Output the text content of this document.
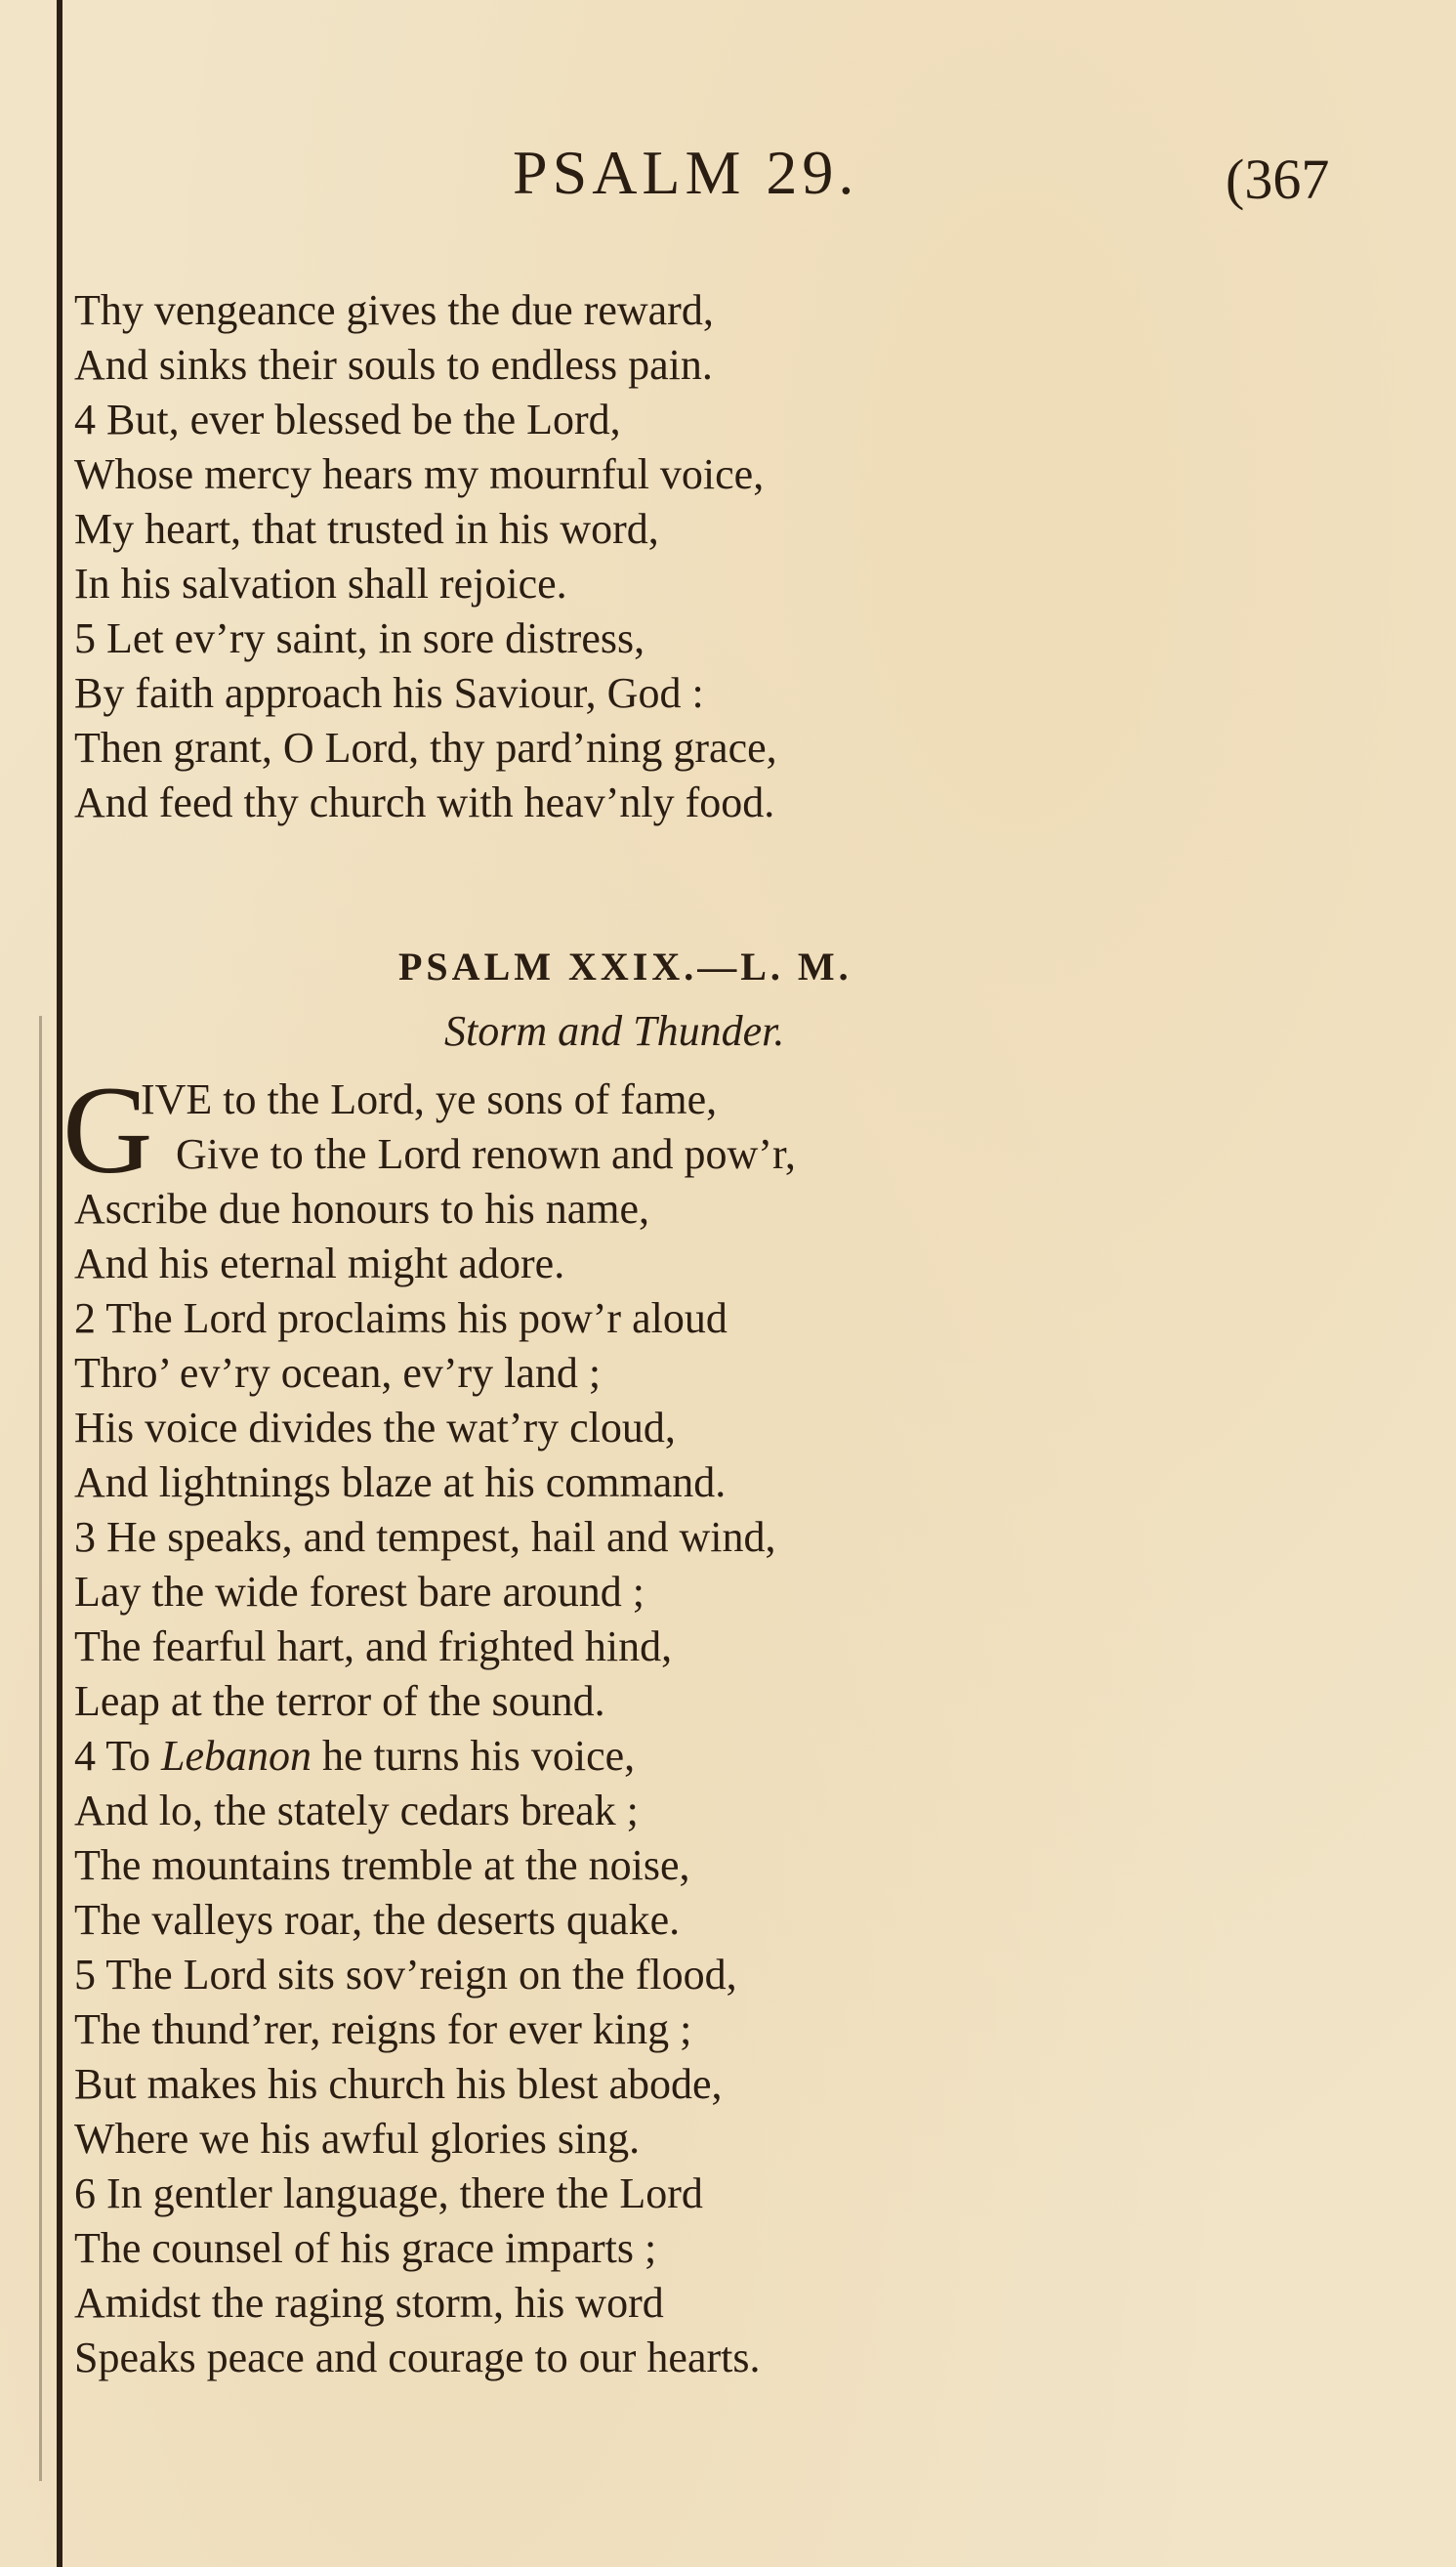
PSALM 29.	(367
Thy vengeance gives the due reward,
And sinks their souls to endless pain.
4 But, ever blessed be the Lord,
Whose mercy hears my mournful voice,
My heart, that trusted in his word,
In his salvation shall rejoice.
5 Let ev’ry saint, in sore distress,
By faith approach his Saviour, God :
Then grant, O Lord, thy pard’ning grace,
And feed thy church with heav’nly food.
PSALM XXIX.—L. M.
Storm and Thunder.
G
IVE to the Lord, ye sons of fame,
Give to the Lord renown and pow’r,
Ascribe due honours to his name,
And his eternal might adore.
2 The Lord proclaims his pow’r aloud
Thro’ ev’ry ocean, ev’ry land ;
His voice divides the wat’ry cloud,
And lightnings blaze at his command.
3 He speaks, and tempest, hail and wind,
Lay the wide forest bare around ;
The fearful hart, and frighted hind,
Leap at the terror of the sound.
4 To Lebanon he turns his voice,
And lo, the stately cedars break ;
The mountains tremble at the noise,
The valleys roar, the deserts quake.
5 The Lord sits sov’reign on the flood,
The thund’rer, reigns for ever king ;
But makes his church his blest abode,
Where we his awful glories sing.
6 In gentler language, there the Lord
The counsel of his grace imparts ;
Amidst the raging storm, his word
Speaks peace and courage to our hearts.
